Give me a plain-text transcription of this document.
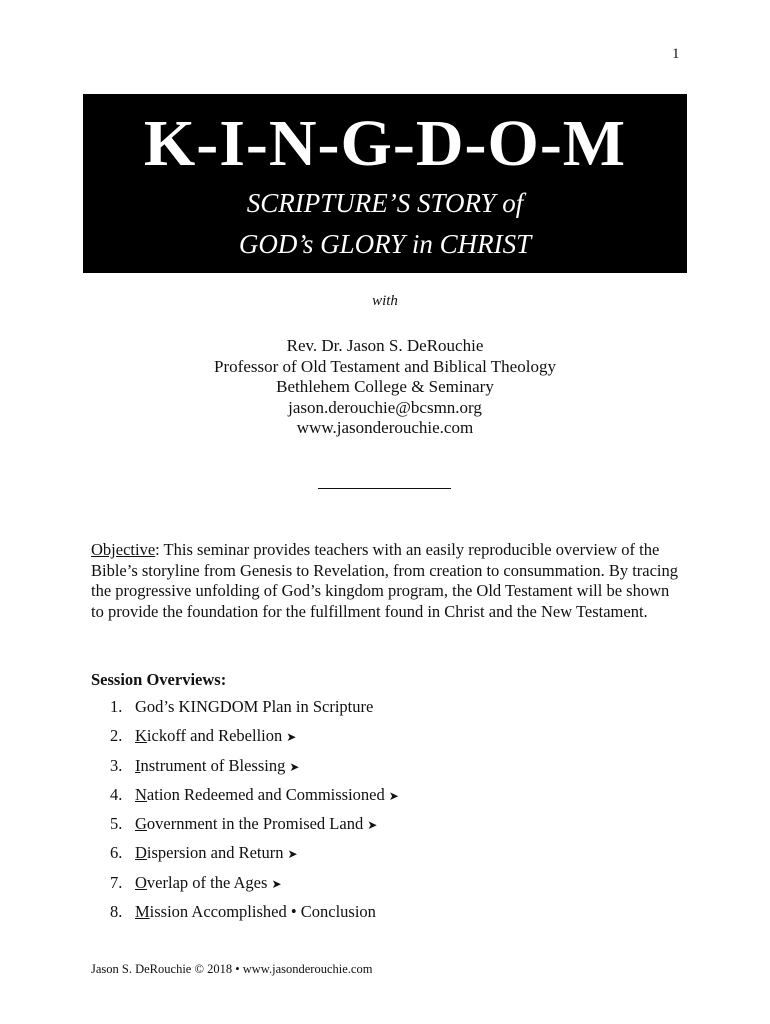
1
K-I-N-G-D-O-M
SCRIPTURE’S STORY of
GOD’s GLORY in CHRIST
with
Rev. Dr. Jason S. DeRouchie
Professor of Old Testament and Biblical Theology
Bethlehem College & Seminary
jason.derouchie@bcsmn.org
www.jasonderouchie.com
Objective: This seminar provides teachers with an easily reproducible overview of the Bible’s storyline from Genesis to Revelation, from creation to consummation. By tracing the progressive unfolding of God’s kingdom program, the Old Testament will be shown to provide the foundation for the fulfillment found in Christ and the New Testament.
Session Overviews:
1. God’s KINGDOM Plan in Scripture
2. Kickoff and Rebellion ➤
3. Instrument of Blessing ➤
4. Nation Redeemed and Commissioned ➤
5. Government in the Promised Land ➤
6. Dispersion and Return ➤
7. Overlap of the Ages ➤
8. Mission Accomplished • Conclusion
Jason S. DeRouchie © 2018 • www.jasonderouchie.com
